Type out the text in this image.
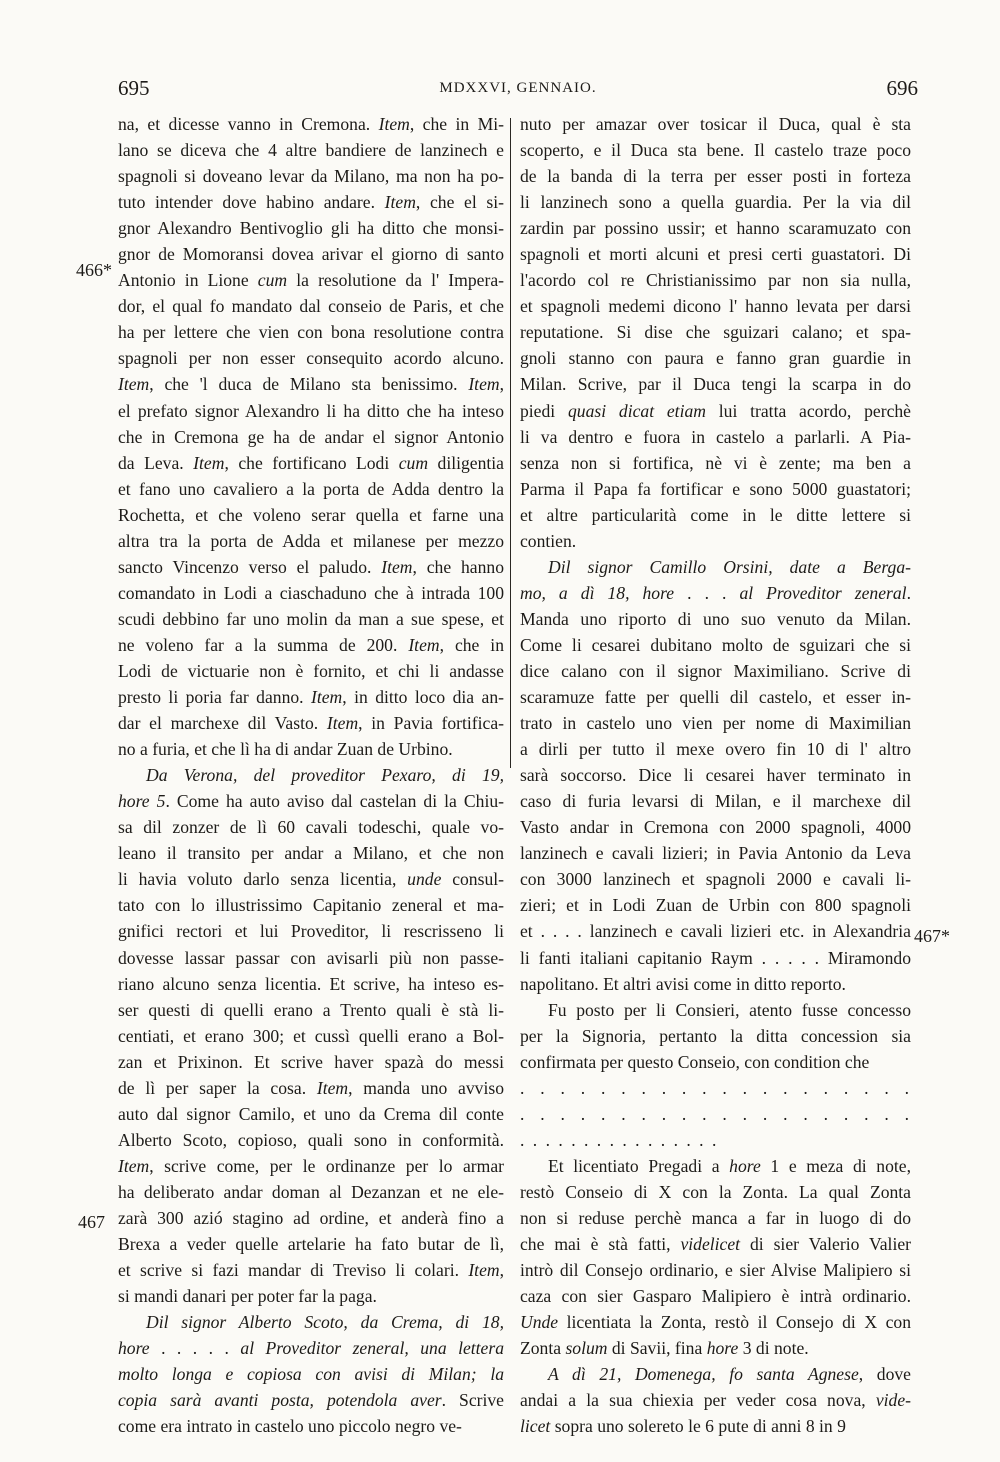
695	MDXXVI, GENNAIO.	696
466*
467
467*
na, et dicesse vanno in Cremona. Item, che in Mi-
lano se diceva che 4 altre bandiere de lanzinech e
spagnoli si doveano levar da Milano, ma non ha po-
tuto intender dove habino andare. Item, che el si-
gnor Alexandro Bentivoglio gli ha ditto che monsi-
gnor de Momoransi dovea arivar el giorno di santo
Antonio in Lione cum la resolutione da l' Impera-
dor, el qual fo mandato dal conseio de Paris, et che
ha per lettere che vien con bona resolutione contra
spagnoli per non esser consequito acordo alcuno.
Item, che 'l duca de Milano sta benissimo. Item,
el prefato signor Alexandro li ha ditto che ha inteso
che in Cremona ge ha de andar el signor Antonio
da Leva. Item, che fortificano Lodi cum diligentia
et fano uno cavaliero a la porta de Adda dentro la
Rochetta, et che voleno serar quella et farne una
altra tra la porta de Adda et milanese per mezzo
sancto Vincenzo verso el paludo. Item, che hanno
comandato in Lodi a ciaschaduno che à intrada 100
scudi debbino far uno molin da man a sue spese, et
ne voleno far a la summa de 200. Item, che in
Lodi de victuarie non è fornito, et chi li andasse
presto li poria far danno. Item, in ditto loco dia an-
dar el marchexe dil Vasto. Item, in Pavia fortifica-
no a furia, et che lì ha di andar Zuan de Urbino.
Da Verona, del proveditor Pexaro, di 19,
hore 5. Come ha auto aviso dal castelan di la Chiu-
sa dil zonzer de lì 60 cavali todeschi, quale vo-
leano il transito per andar a Milano, et che non
li havia voluto darlo senza licentia, unde consul-
tato con lo illustrissimo Capitanio zeneral et ma-
gnifici rectori et lui Proveditor, li rescrisseno li
dovesse lassar passar con avisarli più non passe-
riano alcuno senza licentia. Et scrive, ha inteso es-
ser questi di quelli erano a Trento quali è stà li-
centiati, et erano 300; et cussì quelli erano a Bol-
zan et Prixinon. Et scrive haver spazà do messi
de lì per saper la cosa. Item, manda uno avviso
auto dal signor Camilo, et uno da Crema dil conte
Alberto Scoto, copioso, quali sono in conformità.
Item, scrive come, per le ordinanze per lo armar
ha deliberato andar doman al Dezanzan et ne ele-
zarà 300 azió stagino ad ordine, et anderà fino a
Brexa a veder quelle artelarie ha fato butar de lì,
et scrive si fazi mandar di Treviso li colari. Item,
si mandi danari per poter far la paga.
Dil signor Alberto Scoto, da Crema, di 18,
hore . . . . . al Proveditor zeneral, una lettera
molto longa e copiosa con avisi di Milan; la
copia sarà avanti posta, potendola aver. Scrive
come era intrato in castelo uno piccolo negro ve-
nuto per amazar over tosicar il Duca, qual è sta
scoperto, e il Duca sta bene. Il castelo traze poco
de la banda di la terra per esser posti in forteza
li lanzinech sono a quella guardia. Per la via dil
zardin par possino ussir; et hanno scaramuzato con
spagnoli et morti alcuni et presi certi guastatori. Di
l'acordo col re Christianissimo par non sia nulla,
et spagnoli medemi dicono l' hanno levata per darsi
reputatione. Si dise che sguizari calano; et spa-
gnoli stanno con paura e fanno gran guardie in
Milan. Scrive, par il Duca tengi la scarpa in do
piedi quasi dicat etiam lui tratta acordo, perchè
li va dentro e fuora in castelo a parlarli. A Pia-
senza non si fortifica, nè vi è zente; ma ben a
Parma il Papa fa fortificar e sono 5000 guastatori;
et altre particularità come in le ditte lettere si
contien.
Dil signor Camillo Orsini, date a Berga-
mo, a dì 18, hore . . . al Proveditor zeneral.
Manda uno riporto di uno suo venuto da Milan.
Come li cesarei dubitano molto de sguizari che si
dice calano con il signor Maximiliano. Scrive di
scaramuze fatte per quelli dil castelo, et esser in-
trato in castelo uno vien per nome di Maximilian
a dirli per tutto il mexe overo fin 10 di l' altro
sarà soccorso. Dice li cesarei haver terminato in
caso di furia levarsi di Milan, e il marchexe dil
Vasto andar in Cremona con 2000 spagnoli, 4000
lanzinech e cavali lizieri; in Pavia Antonio da Leva
con 3000 lanzinech et spagnoli 2000 e cavali li-
zieri; et in Lodi Zuan de Urbin con 800 spagnoli
et . . . . lanzinech e cavali lizieri etc. in Alexandria
li fanti italiani capitanio Raym . . . . . Miramondo
napolitano. Et altri avisi come in ditto reporto.
Fu posto per li Consieri, atento fusse concesso
per la Signoria, pertanto la ditta concession sia
confirmata per questo Conseio, con condition che
. . . . . . . . . . . . . . . . . . . .
. . . . . . . . . . . . . . . . . . . .
. . . . . . . . . . . . . . . .
Et licentiato Pregadi a hore 1 e meza di note,
restò Conseio di X con la Zonta. La qual Zonta
non si reduse perchè manca a far in luogo di do
che mai è stà fatti, videlicet di sier Valerio Valier
intrò dil Consejo ordinario, e sier Alvise Malipiero si
caza con sier Gasparo Malipiero è intrà ordinario.
Unde licentiata la Zonta, restò il Consejo di X con
Zonta solum di Savii, fina hore 3 di note.
A dì 21, Domenega, fo santa Agnese, dove
andai a la sua chiexia per veder cosa nova, vide-
licet sopra uno solereto le 6 pute di anni 8 in 9
